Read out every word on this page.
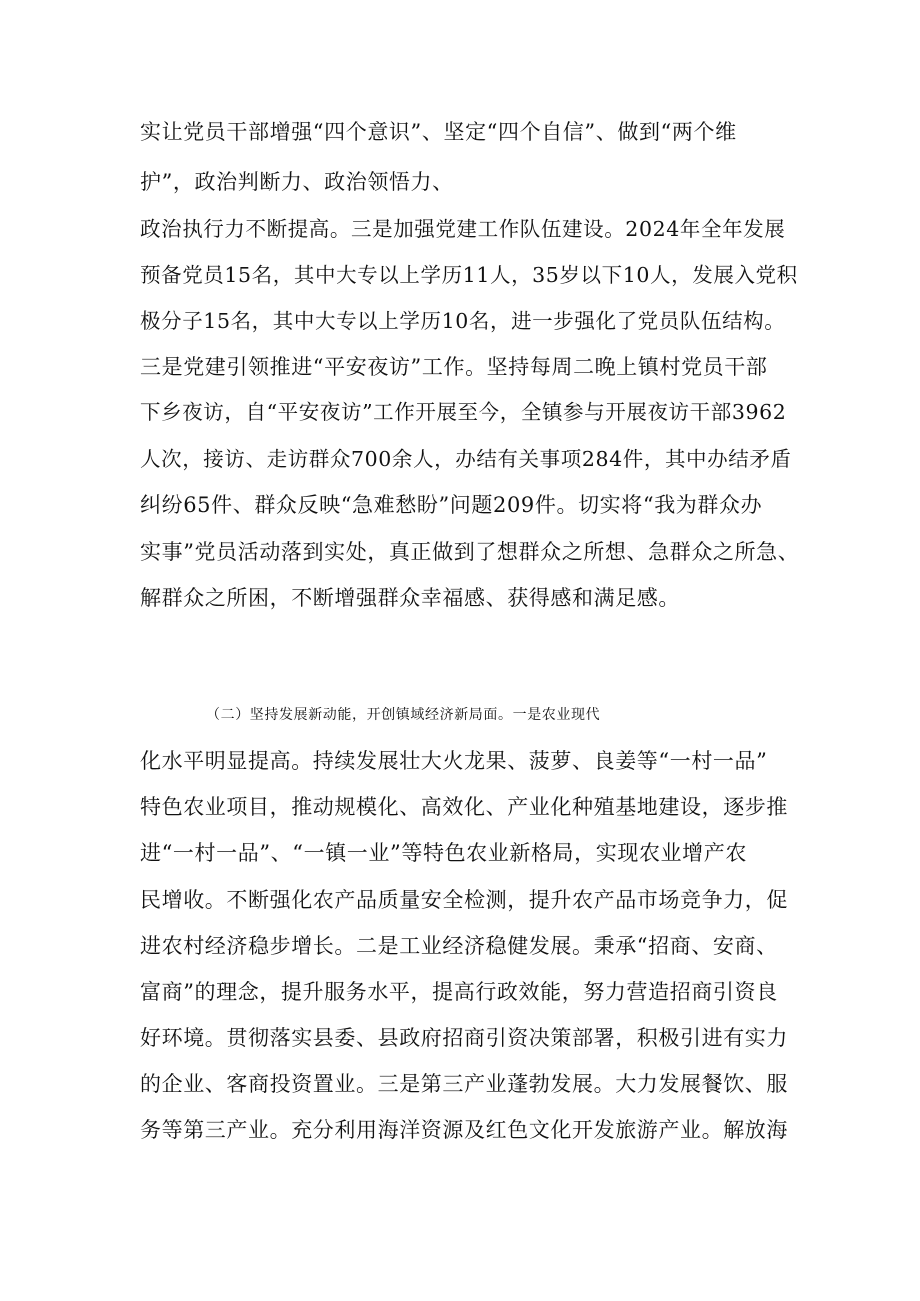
实让党员干部增强“四个意识”、坚定“四个自信”、做到“两个维
护”，政治判断力、政治领悟力、
政治执行力不断提高。三是加强党建工作队伍建设。2024年全年发展
预备党员15名，其中大专以上学历11人，35岁以下10人，发展入党积
极分子15名，其中大专以上学历10名，进一步强化了党员队伍结构。
三是党建引领推进“平安夜访”工作。坚持每周二晚上镇村党员干部
下乡夜访，自“平安夜访”工作开展至今，全镇参与开展夜访干部3962
人次，接访、走访群众700余人，办结有关事项284件，其中办结矛盾
纠纷65件、群众反映“急难愁盼”问题209件。切实将“我为群众办
实事”党员活动落到实处，真正做到了想群众之所想、急群众之所急、
解群众之所困，不断增强群众幸福感、获得感和满足感。
（二）坚持发展新动能，开创镇域经济新局面。一是农业现代
化水平明显提高。持续发展壮大火龙果、菠萝、良姜等“一村一品”
特色农业项目，推动规模化、高效化、产业化种殖基地建设，逐步推
进“一村一品”、“一镇一业”等特色农业新格局，实现农业增产农
民增收。不断强化农产品质量安全检测，提升农产品市场竞争力，促
进农村经济稳步增长。二是工业经济稳健发展。秉承“招商、安商、
富商”的理念，提升服务水平，提高行政效能，努力营造招商引资良
好环境。贯彻落实县委、县政府招商引资决策部署，积极引进有实力
的企业、客商投资置业。三是第三产业蓬勃发展。大力发展餐饮、服
务等第三产业。充分利用海洋资源及红色文化开发旅游产业。解放海
